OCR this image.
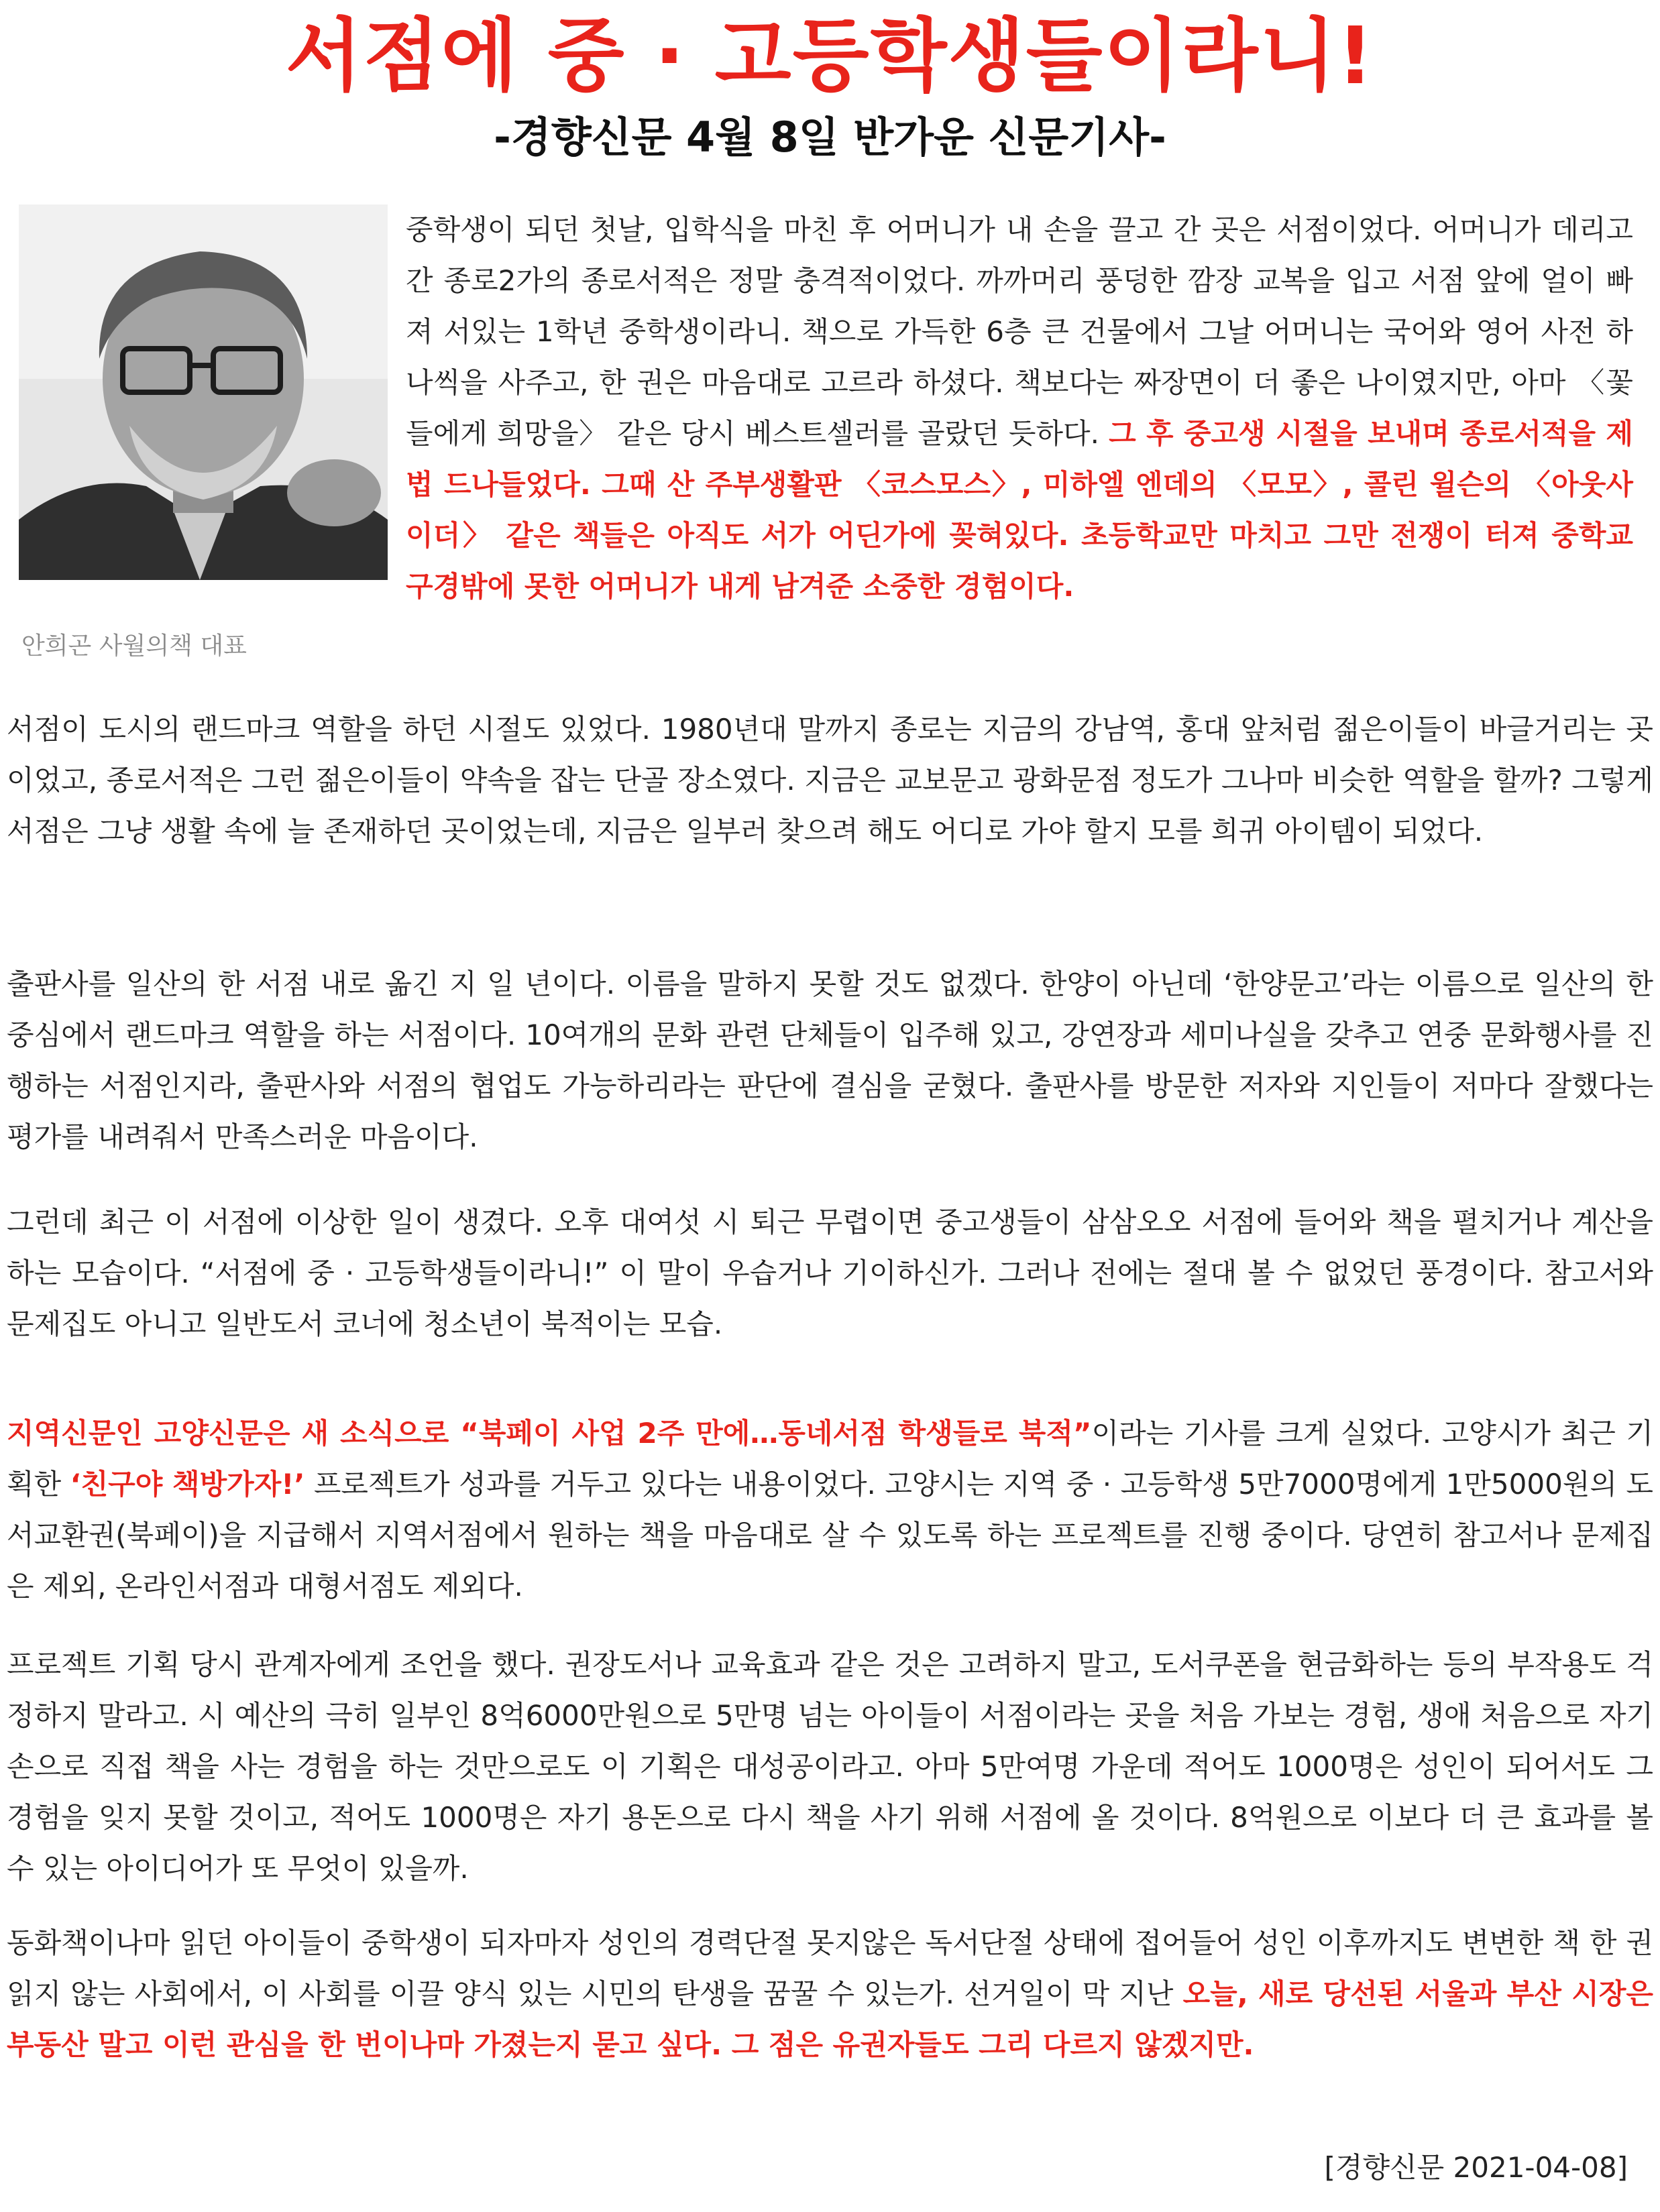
서점에 중 · 고등학생들이라니!
-경향신문 4월 8일 반가운 신문기사-
안희곤 사월의책 대표

중학생이 되던 첫날, 입학식을 마친 후 어머니가 내 손을 끌고 간 곳은 서점이었다. 어머니가 데리고 간 종로2가의 종로서적은 정말 충격적이었다. 까까머리 풍덩한 깜장 교복을 입고 서점 앞에 얼이 빠져 서있는 1학년 중학생이라니. 책으로 가득한 6층 큰 건물에서 그날 어머니는 국어와 영어 사전 하나씩을 사주고, 한 권은 마음대로 고르라 하셨다. 책보다는 짜장면이 더 좋은 나이였지만, 아마 〈꽃들에게 희망을〉 같은 당시 베스트셀러를 골랐던 듯하다. 그 후 중고생 시절을 보내며 종로서적을 제법 드나들었다. 그때 산 주부생활판 〈코스모스〉, 미하엘 엔데의 〈모모〉, 콜린 윌슨의 〈아웃사이더〉 같은 책들은 아직도 서가 어딘가에 꽂혀있다. 초등학교만 마치고 그만 전쟁이 터져 중학교 구경밖에 못한 어머니가 내게 남겨준 소중한 경험이다.

서점이 도시의 랜드마크 역할을 하던 시절도 있었다. 1980년대 말까지 종로는 지금의 강남역, 홍대 앞처럼 젊은이들이 바글거리는 곳이었고, 종로서적은 그런 젊은이들이 약속을 잡는 단골 장소였다. 지금은 교보문고 광화문점 정도가 그나마 비슷한 역할을 할까? 그렇게 서점은 그냥 생활 속에 늘 존재하던 곳이었는데, 지금은 일부러 찾으려 해도 어디로 가야 할지 모를 희귀 아이템이 되었다.

출판사를 일산의 한 서점 내로 옮긴 지 일 년이다. 이름을 말하지 못할 것도 없겠다. 한양이 아닌데 ‘한양문고’라는 이름으로 일산의 한 중심에서 랜드마크 역할을 하는 서점이다. 10여개의 문화 관련 단체들이 입주해 있고, 강연장과 세미나실을 갖추고 연중 문화행사를 진행하는 서점인지라, 출판사와 서점의 협업도 가능하리라는 판단에 결심을 굳혔다. 출판사를 방문한 저자와 지인들이 저마다 잘했다는 평가를 내려줘서 만족스러운 마음이다.

그런데 최근 이 서점에 이상한 일이 생겼다. 오후 대여섯 시 퇴근 무렵이면 중고생들이 삼삼오오 서점에 들어와 책을 펼치거나 계산을 하는 모습이다. “서점에 중 · 고등학생들이라니!” 이 말이 우습거나 기이하신가. 그러나 전에는 절대 볼 수 없었던 풍경이다. 참고서와 문제집도 아니고 일반도서 코너에 청소년이 북적이는 모습.

지역신문인 고양신문은 새 소식으로 “북페이 사업 2주 만에…동네서점 학생들로 북적”이라는 기사를 크게 실었다. 고양시가 최근 기획한 ‘친구야 책방가자!’ 프로젝트가 성과를 거두고 있다는 내용이었다. 고양시는 지역 중 · 고등학생 5만7000명에게 1만5000원의 도서교환권(북페이)을 지급해서 지역서점에서 원하는 책을 마음대로 살 수 있도록 하는 프로젝트를 진행 중이다. 당연히 참고서나 문제집은 제외, 온라인서점과 대형서점도 제외다.

프로젝트 기획 당시 관계자에게 조언을 했다. 권장도서나 교육효과 같은 것은 고려하지 말고, 도서쿠폰을 현금화하는 등의 부작용도 걱정하지 말라고. 시 예산의 극히 일부인 8억6000만원으로 5만명 넘는 아이들이 서점이라는 곳을 처음 가보는 경험, 생애 처음으로 자기 손으로 직접 책을 사는 경험을 하는 것만으로도 이 기획은 대성공이라고. 아마 5만여명 가운데 적어도 1000명은 성인이 되어서도 그 경험을 잊지 못할 것이고, 적어도 1000명은 자기 용돈으로 다시 책을 사기 위해 서점에 올 것이다. 8억원으로 이보다 더 큰 효과를 볼 수 있는 아이디어가 또 무엇이 있을까.

동화책이나마 읽던 아이들이 중학생이 되자마자 성인의 경력단절 못지않은 독서단절 상태에 접어들어 성인 이후까지도 변변한 책 한 권 읽지 않는 사회에서, 이 사회를 이끌 양식 있는 시민의 탄생을 꿈꿀 수 있는가. 선거일이 막 지난 오늘, 새로 당선된 서울과 부산 시장은 부동산 말고 이런 관심을 한 번이나마 가졌는지 묻고 싶다. 그 점은 유권자들도 그리 다르지 않겠지만.

[경향신문 2021-04-08]
